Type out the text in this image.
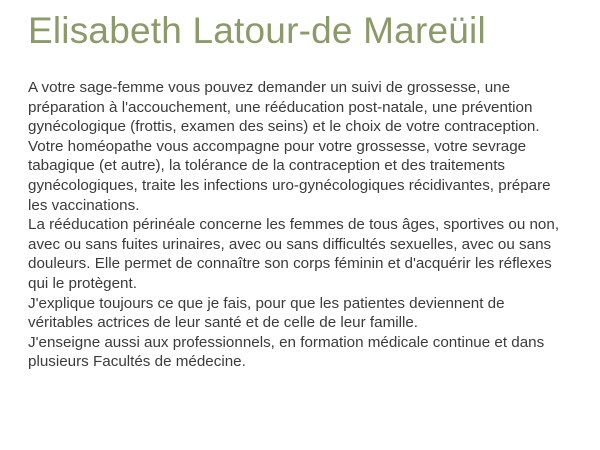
Elisabeth Latour-de Mareüil

A votre sage-femme vous pouvez demander un suivi de grossesse, une préparation à l'accouchement, une rééducation post-natale, une prévention gynécologique (frottis, examen des seins) et le choix de votre contraception.

Votre homéopathe vous accompagne pour votre grossesse, votre sevrage tabagique (et autre), la tolérance de la contraception et des traitements gynécologiques, traite les infections uro-gynécologiques récidivantes, prépare les vaccinations.

La rééducation périnéale concerne les femmes de tous âges, sportives ou non, avec ou sans fuites urinaires, avec ou sans difficultés sexuelles, avec ou sans douleurs. Elle permet de connaître son corps féminin et d'acquérir les réflexes qui le protègent.

J'explique toujours ce que je fais, pour que les patientes deviennent de véritables actrices de leur santé et de celle de leur famille.

J'enseigne aussi aux professionnels, en formation médicale continue et dans plusieurs Facultés de médecine.
